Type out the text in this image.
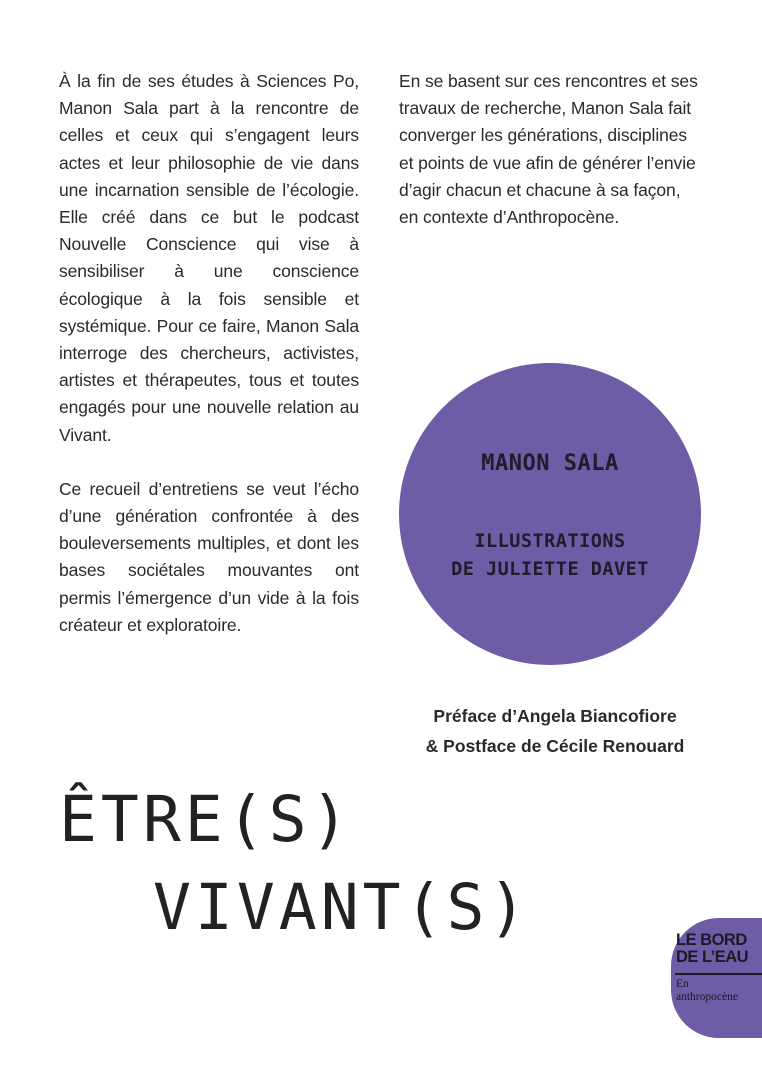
À la fin de ses études à Sciences Po, Manon Sala part à la rencontre de celles et ceux qui s’engagent leurs actes et leur philosophie de vie dans une incarnation sensible de l’écologie. Elle créé dans ce but le podcast Nouvelle Conscience qui vise à sensibiliser à une conscience écologique à la fois sensible et systémique. Pour ce faire, Manon Sala interroge des chercheurs, activistes, artistes et thérapeutes, tous et toutes engagés pour une nouvelle relation au Vivant.

Ce recueil d’entretiens se veut l’écho d’une génération confrontée à des bouleversements multiples, et dont les bases sociétales mouvantes ont permis l’émergence d’un vide à la fois créateur et exploratoire.

En se basent sur ces rencontres et ses travaux de recherche, Manon Sala fait converger les générations, disciplines et points de vue afin de générer l’envie d’agir chacun et chacune à sa façon, en contexte d’Anthropocène.

MANON SALA
ILLUSTRATIONS
DE JULIETTE DAVET
Préface d’Angela Biancofiore
& Postface de Cécile Renouard
ÊTRE(S)
VIVANT(S)	LE BORD
DE L’EAU
En
anthropocène
